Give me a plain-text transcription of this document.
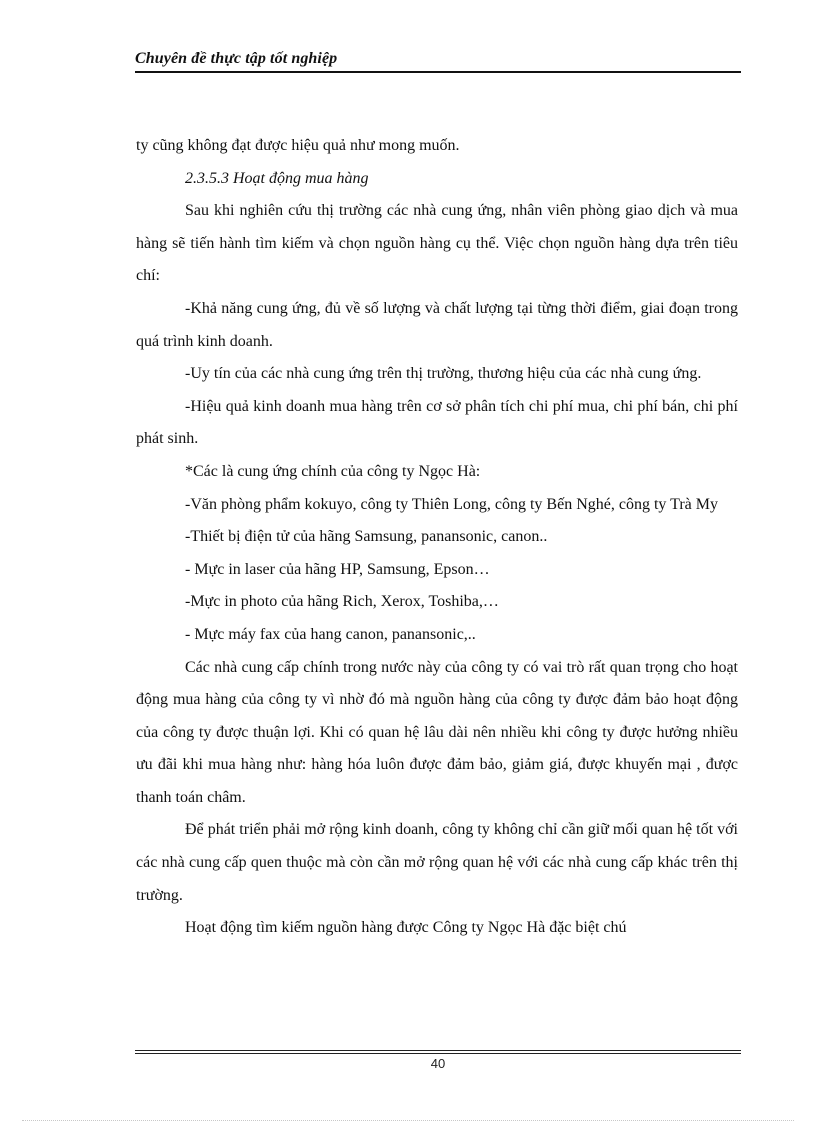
Chuyên đề thực tập tốt nghiệp

ty cũng không đạt được hiệu quả như mong muốn.

2.3.5.3 Hoạt động mua hàng

Sau khi nghiên cứu thị trường các nhà cung ứng, nhân viên phòng giao dịch và mua hàng sẽ tiến hành tìm kiếm và chọn nguồn hàng cụ thể. Việc chọn nguồn hàng dựa trên tiêu chí:

-Khả năng cung ứng, đủ về số lượng và chất lượng tại từng thời điểm, giai đoạn trong quá trình kinh doanh.

-Uy tín của các nhà cung ứng trên thị trường, thương hiệu của các nhà cung ứng.

-Hiệu quả kinh doanh mua hàng trên cơ sở phân tích chi phí mua, chi phí bán, chi phí phát sinh.

*Các là cung ứng chính của công ty Ngọc Hà:

-Văn phòng phẩm kokuyo, công ty Thiên Long, công ty Bến Nghé, công ty Trà My

-Thiết bị điện tử của hãng Samsung, panansonic, canon..

- Mực in laser của hãng HP, Samsung, Epson…

-Mực in photo của hãng Rich, Xerox, Toshiba,…

- Mực máy fax của hang canon, panansonic,..

Các nhà cung cấp chính trong nước này của công ty có vai trò rất quan trọng cho hoạt động mua hàng của công ty vì nhờ đó mà nguồn hàng của công ty được đảm bảo hoạt động của công ty được thuận lợi. Khi có quan hệ lâu dài nên nhiều khi công ty được hưởng nhiều ưu đãi khi mua hàng như: hàng hóa luôn được đảm bảo, giảm giá, được khuyến mại , được thanh toán châm.

Để phát triển phải mở rộng kinh doanh, công ty không chỉ cần giữ mối quan hệ tốt với các nhà cung cấp quen thuộc mà còn cần mở rộng quan hệ với các nhà cung cấp khác trên thị trường.

Hoạt động tìm kiếm nguồn hàng được Công ty Ngọc Hà đặc biệt chú

40
